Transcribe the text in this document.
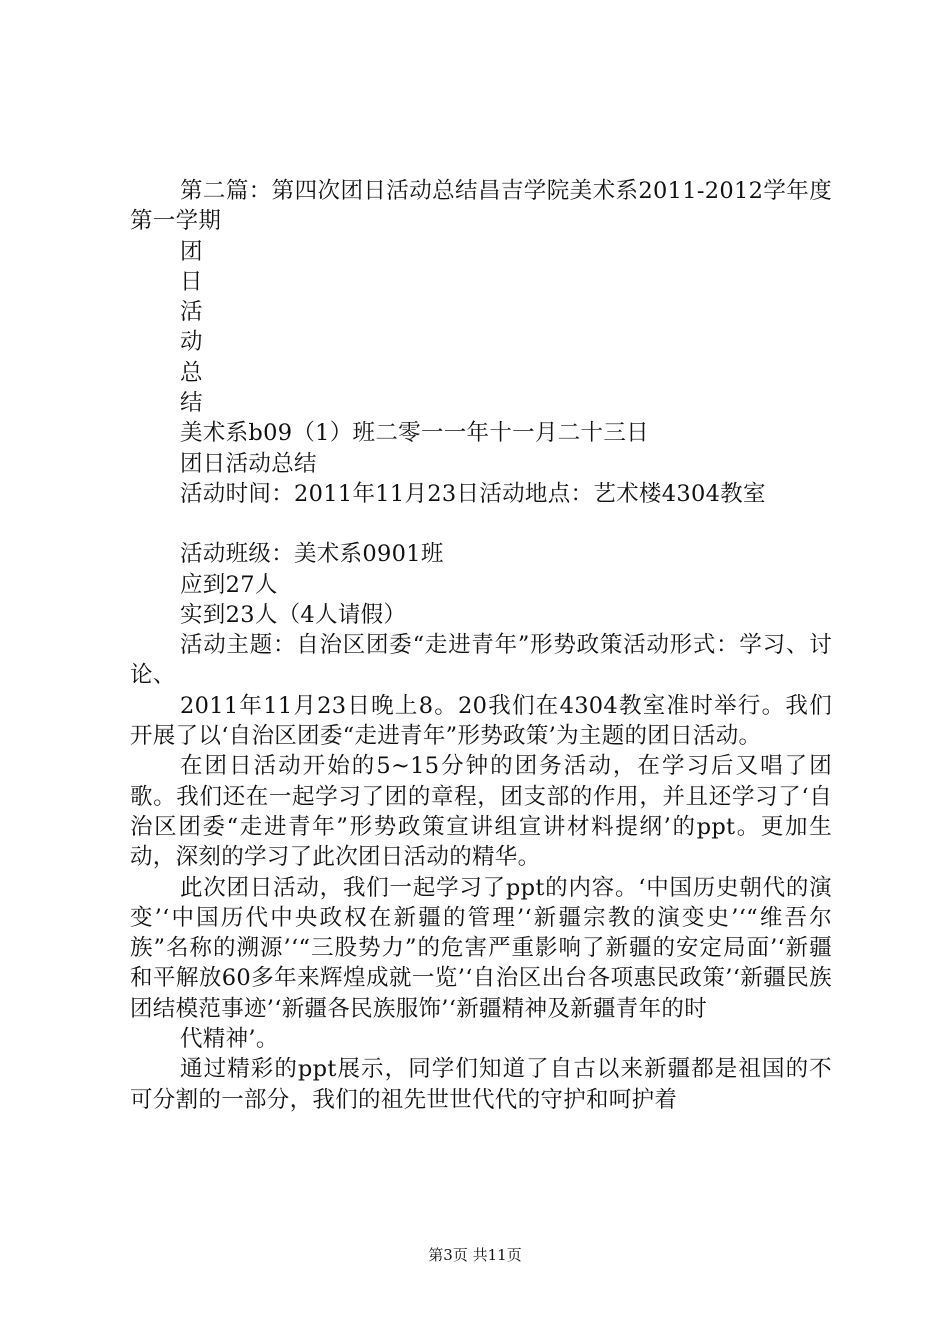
第二篇：第四次团日活动总结昌吉学院美术系2011-2012学年度第一学期

团

日

活

动

总

结

美术系b09（1）班二零一一年十一月二十三日

团日活动总结

活动时间：2011年11月23日活动地点：艺术楼4304教室

活动班级：美术系0901班

应到27人

实到23人（4人请假）

活动主题：自治区团委“走进青年”形势政策活动形式：学习、讨论、

2011年11月23日晚上8。20我们在4304教室准时举行。我们开展了以‘自治区团委“走进青年”形势政策’为主题的团日活动。

在团日活动开始的5~15分钟的团务活动，在学习后又唱了团歌。我们还在一起学习了团的章程，团支部的作用，并且还学习了‘自治区团委“走进青年”形势政策宣讲组宣讲材料提纲’的ppt。更加生动，深刻的学习了此次团日活动的精华。

此次团日活动，我们一起学习了ppt的内容。‘中国历史朝代的演变’‘中国历代中央政权在新疆的管理’‘新疆宗教的演变史’‘“维吾尔族”名称的溯源’‘“三股势力”的危害严重影响了新疆的安定局面’‘新疆和平解放60多年来辉煌成就一览’‘自治区出台各项惠民政策’‘新疆民族团结模范事迹’‘新疆各民族服饰’‘新疆精神及新疆青年的时

代精神’。

通过精彩的ppt展示，同学们知道了自古以来新疆都是祖国的不可分割的一部分，我们的祖先世世代代的守护和呵护着

第3页 共11页
